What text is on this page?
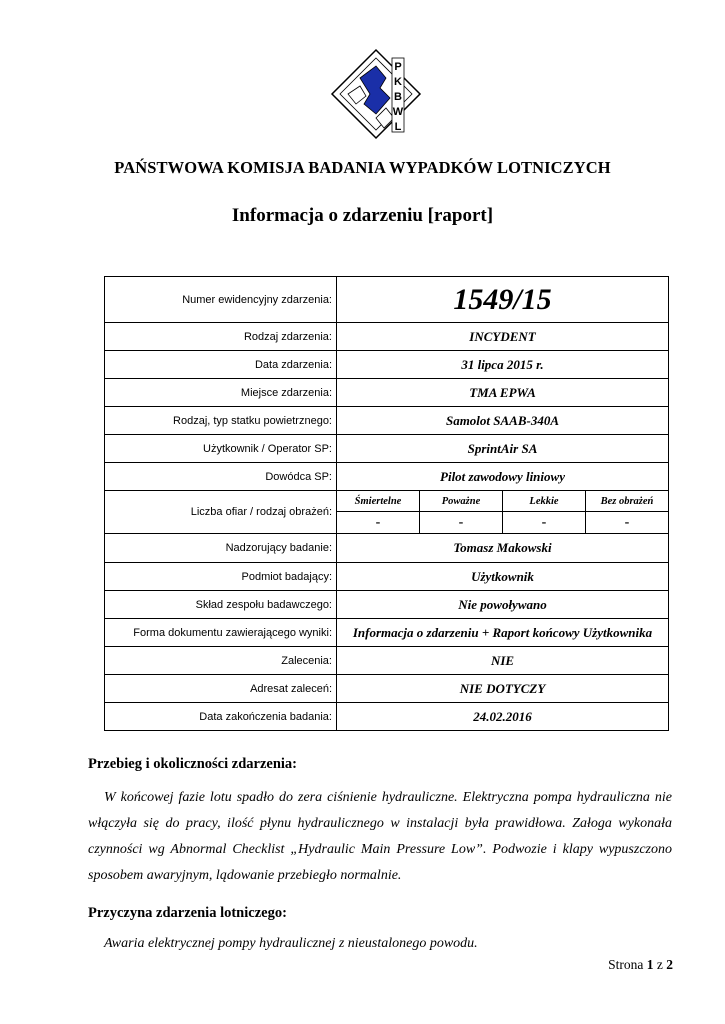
P
K
B
W
L
PAŃSTWOWA KOMISJA BADANIA WYPADKÓW LOTNICZYCH
Informacja o zdarzeniu [raport]
Numer ewidencyjny zdarzenia:	1549/15			
Rodzaj zdarzenia:	INCYDENT			
Data zdarzenia:	31 lipca 2015 r.			
Miejsce zdarzenia:	TMA EPWA			
Rodzaj, typ statku powietrznego:	Samolot SAAB-340A			
Użytkownik / Operator SP:	SprintAir SA			
Dowódca SP:	Pilot zawodowy liniowy			
Liczba ofiar / rodzaj obrażeń:	Śmiertelne	Poważne	Lekkie	Bez obrażeń
	-	-	-	-
Nadzorujący badanie:	Tomasz Makowski			
Podmiot badający:	Użytkownik			
Skład zespołu badawczego:	Nie powoływano			
Forma dokumentu zawierającego wyniki:	Informacja o zdarzeniu + Raport końcowy Użytkownika			
Zalecenia:	NIE			
Adresat zaleceń:	NIE DOTYCZY			
Data zakończenia badania:	24.02.2016			
Przebieg i okoliczności zdarzenia:
W końcowej fazie lotu spadło do zera ciśnienie hydrauliczne. Elektryczna pompa hydrauliczna nie włączyła się do pracy, ilość płynu hydraulicznego w instalacji była prawidłowa. Załoga wykonała czynności wg Abnormal Checklist „Hydraulic Main Pressure Low”. Podwozie i klapy wypuszczono sposobem awaryjnym, lądowanie przebiegło normalnie.
Przyczyna zdarzenia lotniczego:
Awaria elektrycznej pompy hydraulicznej z nieustalonego powodu.
Strona 1 z 2
